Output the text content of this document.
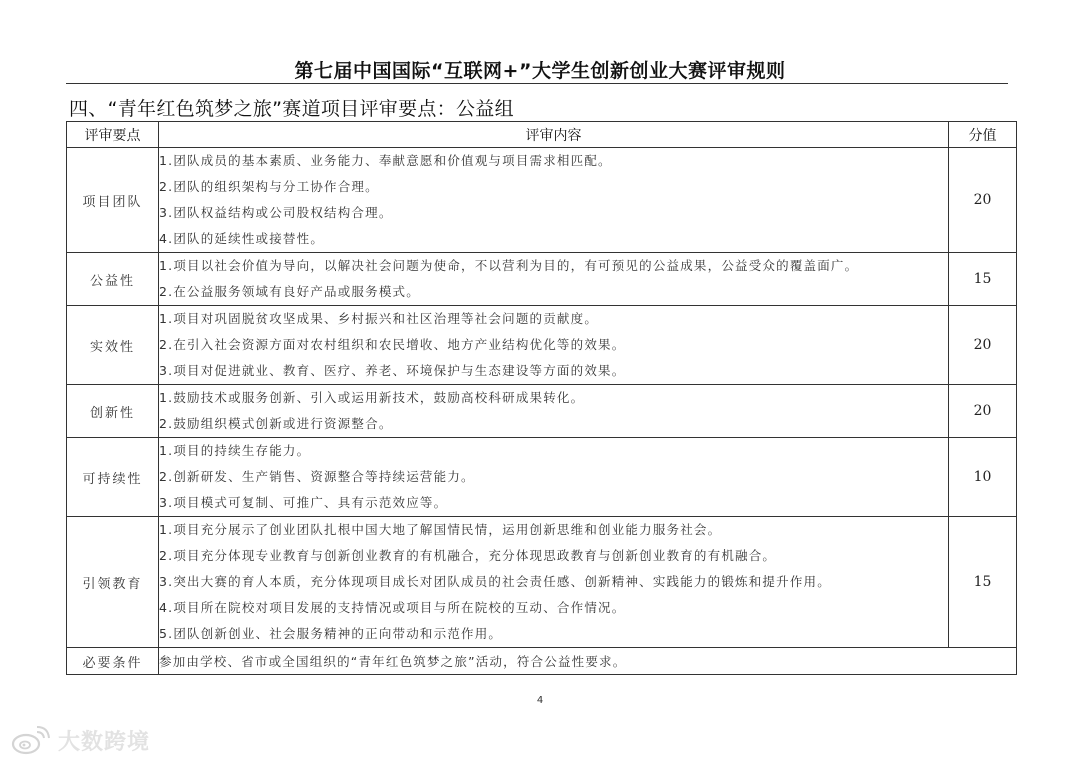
第七届中国国际“互联网+”大学生创新创业大赛评审规则
四、“青年红色筑梦之旅”赛道项目评审要点：公益组
评审要点	评审内容	分值
项目团队	1.团队成员的基本素质、业务能力、奉献意愿和价值观与项目需求相匹配。
2.团队的组织架构与分工协作合理。
3.团队权益结构或公司股权结构合理。
4.团队的延续性或接替性。	20
公益性	1.项目以社会价值为导向，以解决社会问题为使命，不以营利为目的，有可预见的公益成果，公益受众的覆盖面广。
2.在公益服务领域有良好产品或服务模式。	15
实效性	1.项目对巩固脱贫攻坚成果、乡村振兴和社区治理等社会问题的贡献度。
2.在引入社会资源方面对农村组织和农民增收、地方产业结构优化等的效果。
3.项目对促进就业、教育、医疗、养老、环境保护与生态建设等方面的效果。	20
创新性	1.鼓励技术或服务创新、引入或运用新技术，鼓励高校科研成果转化。
2.鼓励组织模式创新或进行资源整合。	20
可持续性	1.项目的持续生存能力。
2.创新研发、生产销售、资源整合等持续运营能力。
3.项目模式可复制、可推广、具有示范效应等。	10
引领教育	1.项目充分展示了创业团队扎根中国大地了解国情民情，运用创新思维和创业能力服务社会。
2.项目充分体现专业教育与创新创业教育的有机融合，充分体现思政教育与创新创业教育的有机融合。
3.突出大赛的育人本质，充分体现项目成长对团队成员的社会责任感、创新精神、实践能力的锻炼和提升作用。
4.项目所在院校对项目发展的支持情况或项目与所在院校的互动、合作情况。
5.团队创新创业、社会服务精神的正向带动和示范作用。	15
必要条件	参加由学校、省市或全国组织的“青年红色筑梦之旅”活动，符合公益性要求。	
4
大数跨境
